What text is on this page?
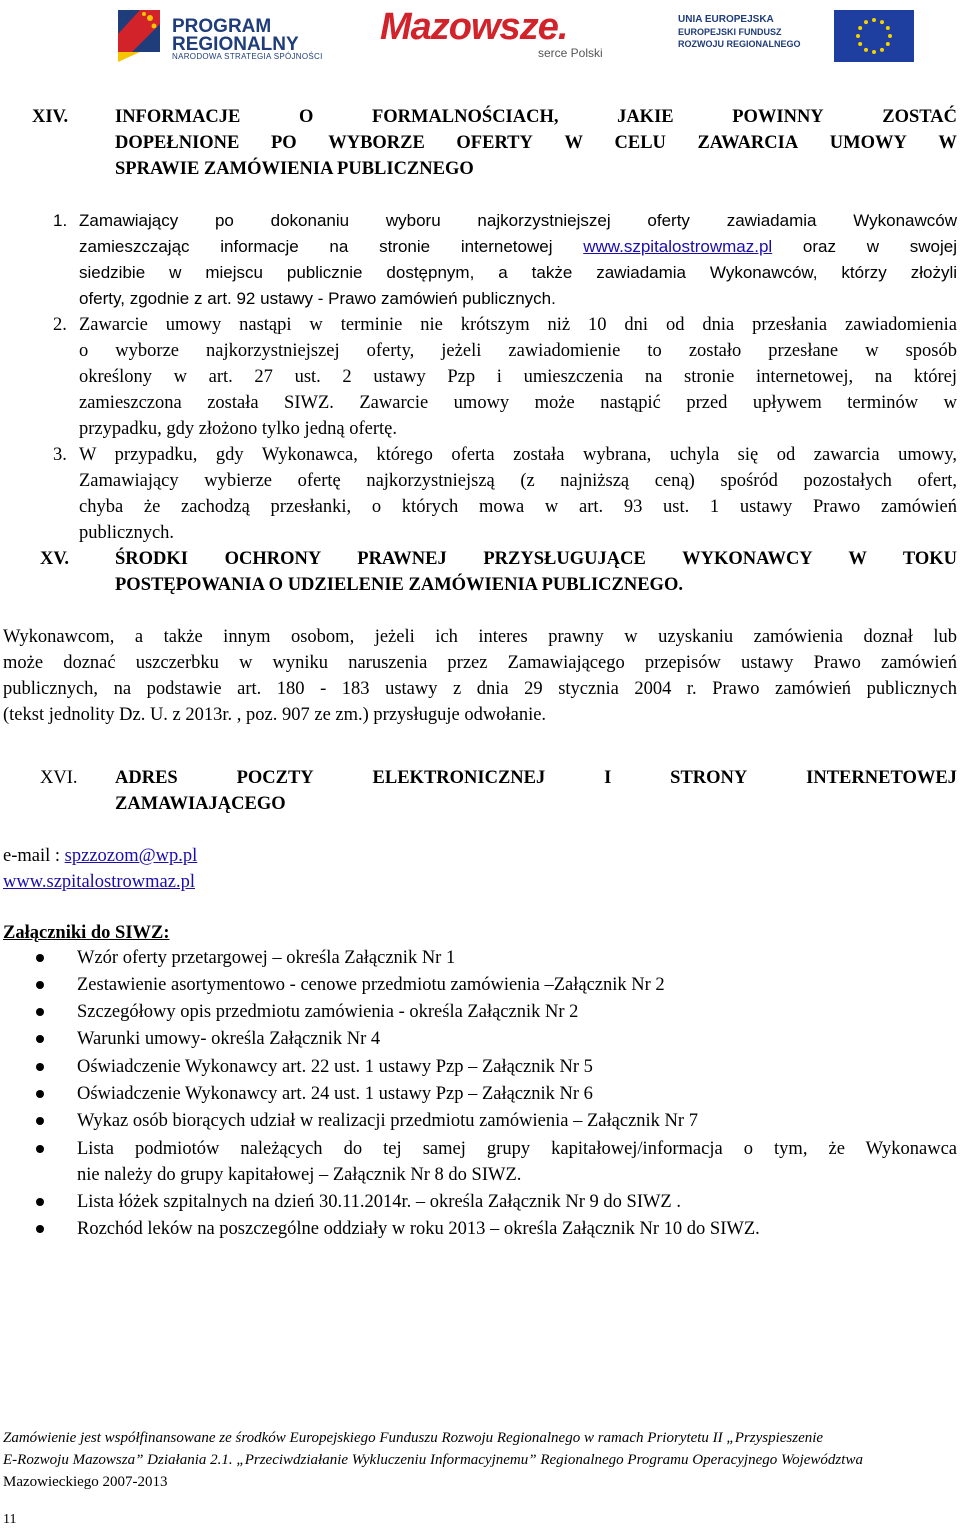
PROGRAM
REGIONALNY
NARODOWA STRATEGIA SPÓJNOŚCI
Mazowsze.
serce Polski
UNIA EUROPEJSKA
EUROPEJSKI FUNDUSZ
ROZWOJU REGIONALNEGO
XIV.	INFORMACJE	O	FORMALNOŚCIACH,	JAKIE	POWINNY	ZOSTAĆ
DOPEŁNIONE PO WYBORZE OFERTY W CELU ZAWARCIA UMOWY W
SPRAWIE ZAMÓWIENIA PUBLICZNEGO
1. Zamawiający po dokonaniu wyboru najkorzystniejszej oferty zawiadamia Wykonawców
zamieszczając informacje na stronie internetowej www.szpitalostrowmaz.pl oraz w swojej
siedzibie w miejscu publicznie dostępnym, a także zawiadamia Wykonawców, którzy złożyli
oferty, zgodnie z art. 92 ustawy - Prawo zamówień publicznych.
2. Zawarcie umowy nastąpi w terminie nie krótszym niż 10 dni od dnia przesłania zawiadomienia
o wyborze najkorzystniejszej oferty, jeżeli zawiadomienie to zostało przesłane w sposób
określony w art. 27 ust. 2 ustawy Pzp i umieszczenia na stronie internetowej, na której
zamieszczona została SIWZ. Zawarcie umowy może nastąpić przed upływem terminów w
przypadku, gdy złożono tylko jedną ofertę.
3. W przypadku, gdy Wykonawca, którego oferta została wybrana, uchyla się od zawarcia umowy,
Zamawiający wybierze ofertę najkorzystniejszą (z najniższą ceną) spośród pozostałych ofert,
chyba że zachodzą przesłanki, o których mowa w art. 93 ust. 1 ustawy Prawo zamówień
publicznych.
XV. ŚRODKI OCHRONY PRAWNEJ PRZYSŁUGUJĄCE WYKONAWCY W TOKU
POSTĘPOWANIA O UDZIELENIE ZAMÓWIENIA PUBLICZNEGO.
Wykonawcom, a także innym osobom, jeżeli ich interes prawny w uzyskaniu zamówienia doznał lub
może doznać uszczerbku w wyniku naruszenia przez Zamawiającego przepisów ustawy Prawo zamówień
publicznych, na podstawie art. 180 - 183 ustawy z dnia 29 stycznia 2004 r. Prawo zamówień publicznych
(tekst jednolity Dz. U. z 2013r. , poz. 907 ze zm.) przysługuje odwołanie.
XVI. ADRES	POCZTY	ELEKTRONICZNEJ	I	STRONY	INTERNETOWEJ
ZAMAWIAJĄCEGO
e-mail : spzzozom@wp.pl
www.szpitalostrowmaz.pl
Załączniki do SIWZ:
Wzór oferty przetargowej – określa Załącznik Nr 1
Zestawienie asortymentowo - cenowe przedmiotu zamówienia –Załącznik Nr 2
Szczegółowy opis przedmiotu zamówienia - określa Załącznik Nr 2
Warunki umowy- określa Załącznik Nr 4
Oświadczenie Wykonawcy art. 22 ust. 1 ustawy Pzp – Załącznik Nr 5
Oświadczenie Wykonawcy art. 24 ust. 1 ustawy Pzp – Załącznik Nr 6
Wykaz osób biorących udział w realizacji przedmiotu zamówienia – Załącznik Nr 7
Lista podmiotów należących do tej samej grupy kapitałowej/informacja o tym, że Wykonawca
Lista łóżek szpitalnych na dzień 30.11.2014r. – określa Załącznik Nr 9 do SIWZ .
Rozchód leków na poszczególne oddziały w roku 2013 – określa Załącznik Nr 10 do SIWZ.
nie należy do grupy kapitałowej – Załącznik Nr 8 do SIWZ.
Zamówienie jest współfinansowane ze środków Europejskiego Funduszu Rozwoju Regionalnego w ramach Priorytetu II „Przyspieszenie
E-Rozwoju Mazowsza” Działania 2.1. „Przeciwdziałanie Wykluczeniu Informacyjnemu” Regionalnego Programu Operacyjnego Województwa
Mazowieckiego 2007-2013
11
